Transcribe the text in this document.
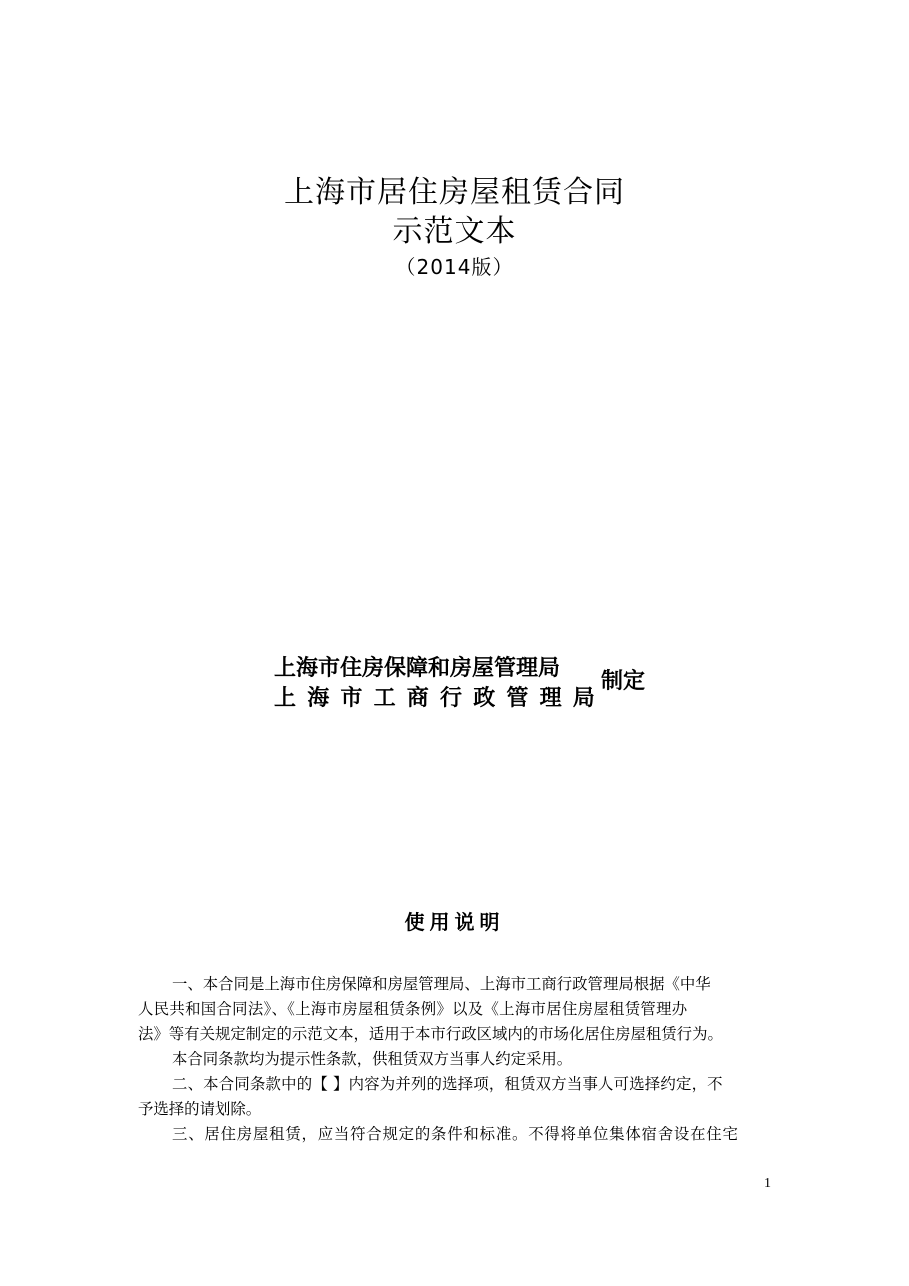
上海市居住房屋租赁合同
示范文本
（2014版）
上海市住房保障和房屋管理局
上海市工商行政管理局
制定
使用说明
一、本合同是上海市住房保障和房屋管理局、上海市工商行政管理局根据《中华
人民共和国合同法》、《上海市房屋租赁条例》以及《上海市居住房屋租赁管理办
法》等有关规定制定的示范文本，适用于本市行政区域内的市场化居住房屋租赁行为。
本合同条款均为提示性条款，供租赁双方当事人约定采用。
二、本合同条款中的【 】内容为并列的选择项，租赁双方当事人可选择约定，不
予选择的请划除。
三、居住房屋租赁，应当符合规定的条件和标准。不得将单位集体宿舍设在住宅
1
